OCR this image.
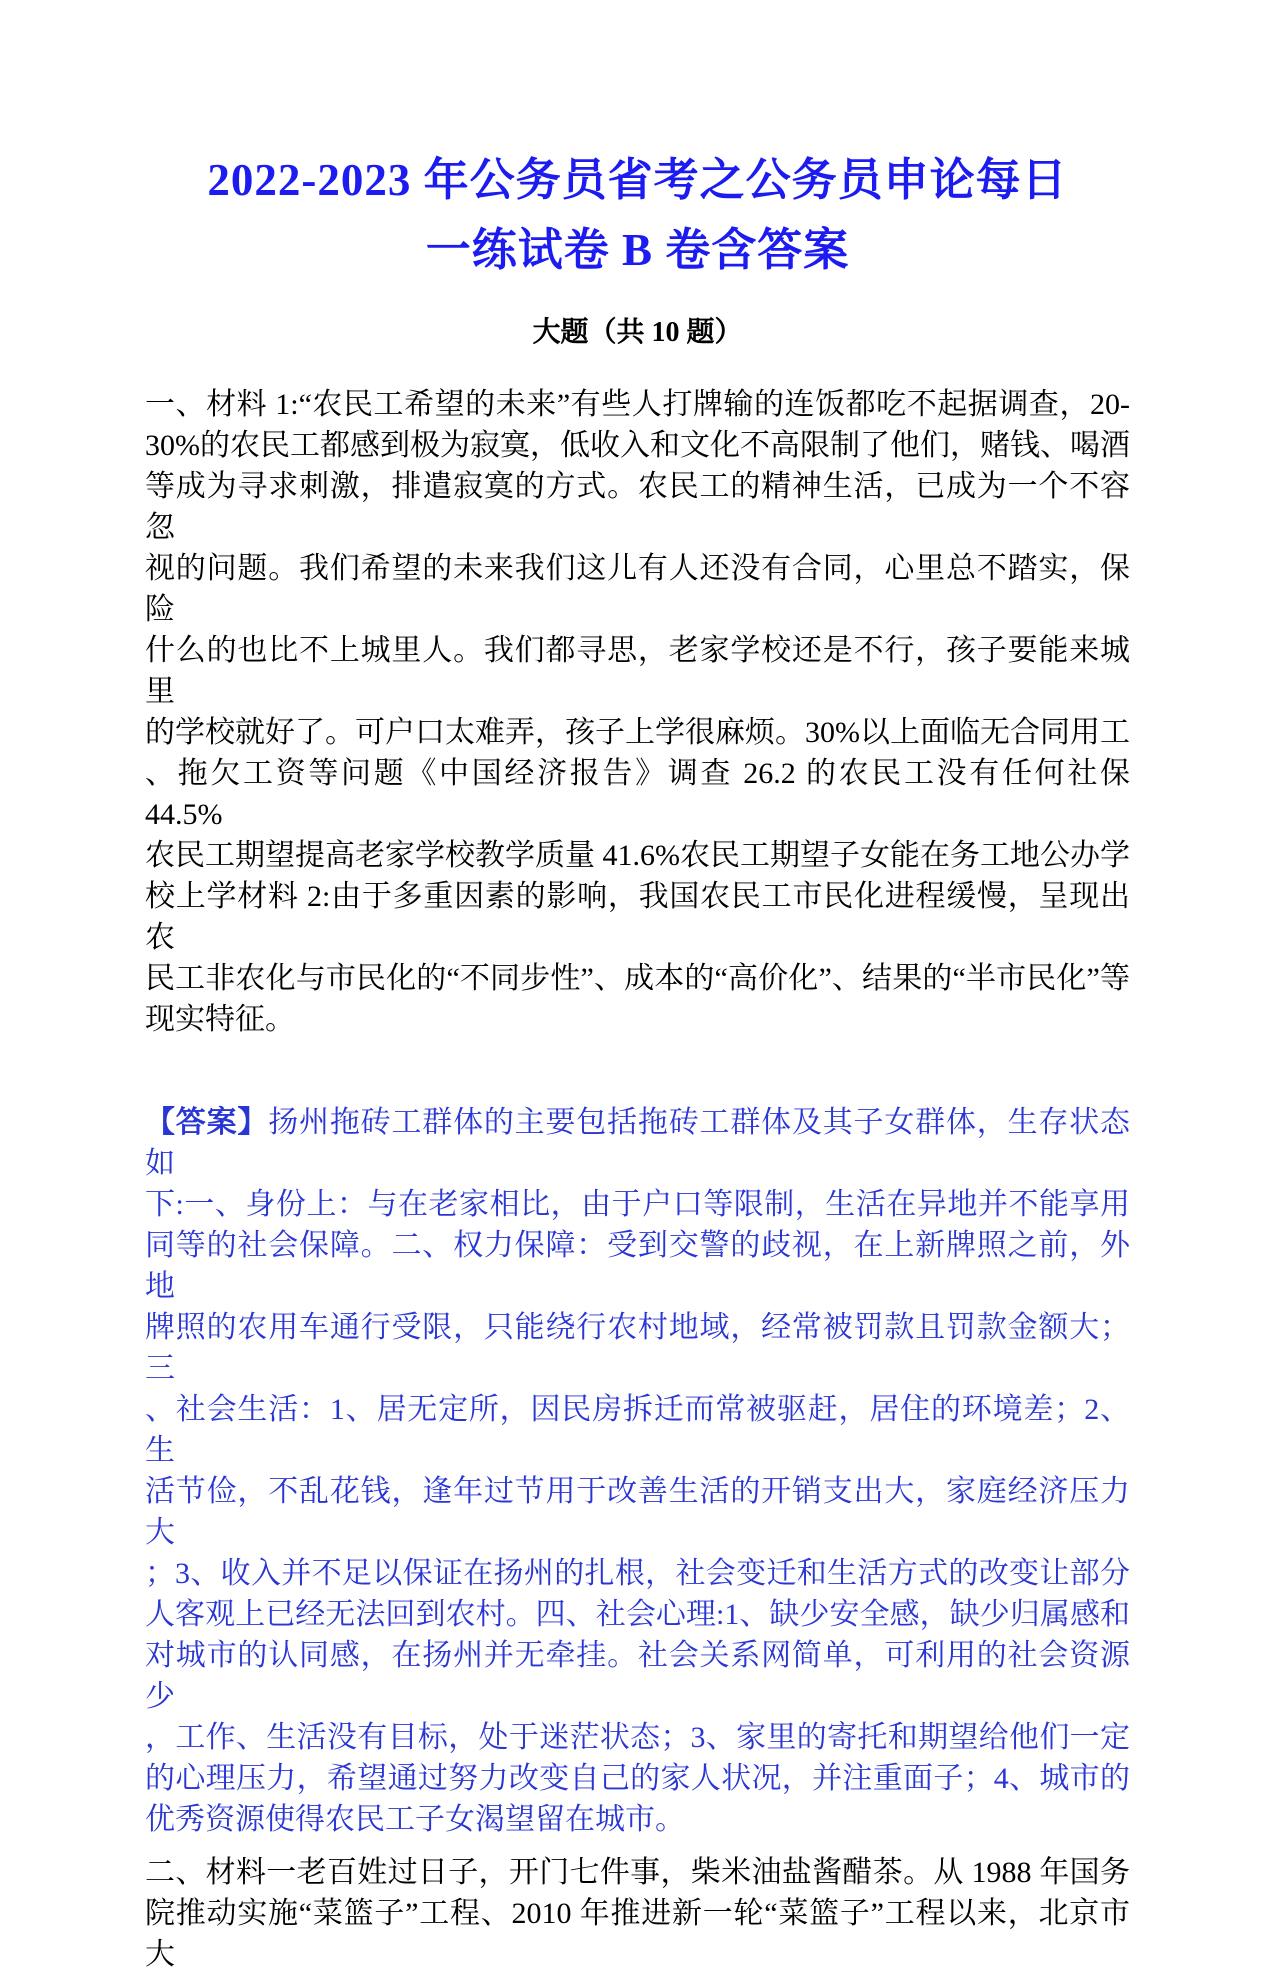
2022-2023 年公务员省考之公务员申论每日
一练试卷 B 卷含答案
大题（共 10 题）
一、材料 1:“农民工希望的未来”有些人打牌输的连饭都吃不起据调查，20-
30%的农民工都感到极为寂寞，低收入和文化不高限制了他们，赌钱、喝酒
等成为寻求刺激，排遣寂寞的方式。农民工的精神生活，已成为一个不容忽
视的问题。我们希望的未来我们这儿有人还没有合同，心里总不踏实，保险
什么的也比不上城里人。我们都寻思，老家学校还是不行，孩子要能来城里
的学校就好了。可户口太难弄，孩子上学很麻烦。30%以上面临无合同用工
、拖欠工资等问题《中国经济报告》调查 26.2 的农民工没有任何社保 44.5%
农民工期望提高老家学校教学质量 41.6%农民工期望子女能在务工地公办学
校上学材料 2:由于多重因素的影响，我国农民工市民化进程缓慢，呈现出农
民工非农化与市民化的“不同步性”、成本的“高价化”、结果的“半市民化”等
现实特征。
【答案】扬州拖砖工群体的主要包括拖砖工群体及其子女群体，生存状态如
下:一、身份上：与在老家相比，由于户口等限制，生活在异地并不能享用
同等的社会保障。二、权力保障：受到交警的歧视，在上新牌照之前，外地
牌照的农用车通行受限，只能绕行农村地域，经常被罚款且罚款金额大；三
、社会生活：1、居无定所，因民房拆迁而常被驱赶，居住的环境差；2、生
活节俭，不乱花钱，逢年过节用于改善生活的开销支出大，家庭经济压力大
；3、收入并不足以保证在扬州的扎根，社会变迁和生活方式的改变让部分
人客观上已经无法回到农村。四、社会心理:1、缺少安全感，缺少归属感和
对城市的认同感，在扬州并无牵挂。社会关系网简单，可利用的社会资源少
，工作、生活没有目标，处于迷茫状态；3、家里的寄托和期望给他们一定
的心理压力，希望通过努力改变自己的家人状况，并注重面子；4、城市的
优秀资源使得农民工子女渴望留在城市。
二、材料一老百姓过日子，开门七件事，柴米油盐酱醋茶。从 1988 年国务
院推动实施“菜篮子”工程、2010 年推进新一轮“菜篮子”工程以来，北京市大
